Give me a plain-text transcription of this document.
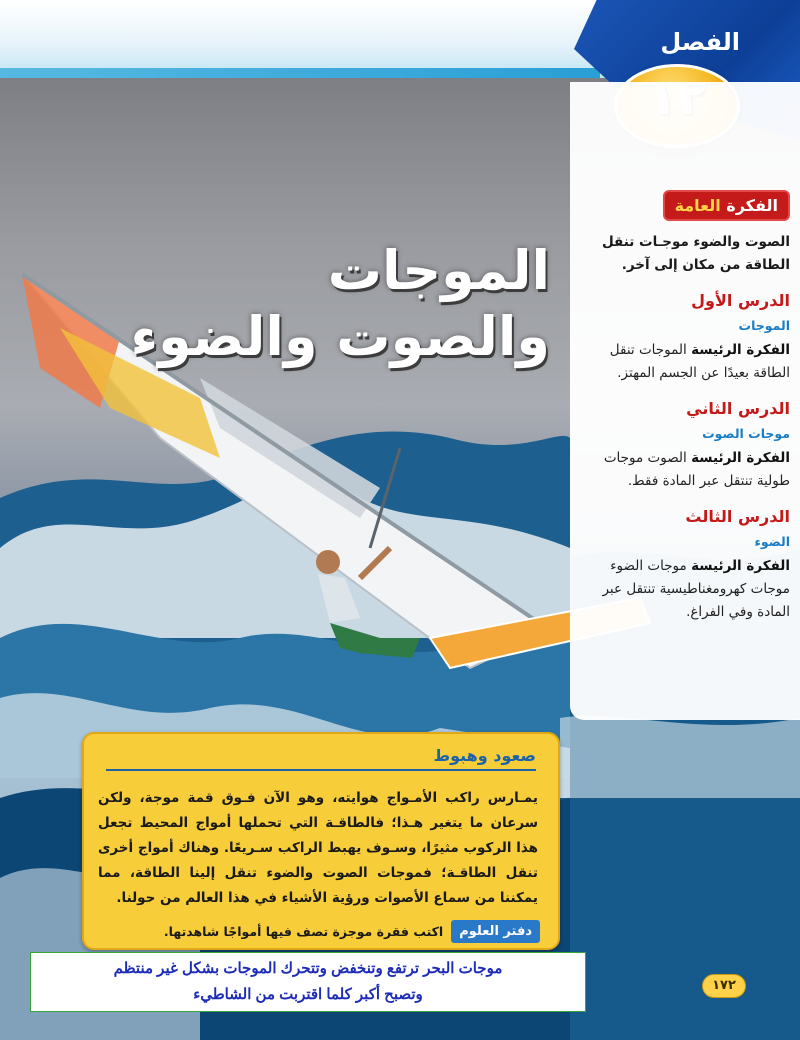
الموجات
والصوت والضوء
الفصل
الفكرة العامة
الصوت والضوء موجـات تنقل الطاقة من مكان إلى آخر.
الدرس الأول
الموجات
الفكرة الرئيسة الموجات تنقل الطاقة بعيدًا عن الجسم المهتز.
الدرس الثاني
موجات الصوت
الفكرة الرئيسة الصوت موجات طولية تنتقل عبر المادة فقط.
الدرس الثالث
الضوء
الفكرة الرئيسة موجات الضوء موجات كهرومغناطيسية تنتقل عبر المادة وفي الفراغ.
صعود وهبوط
يمـارس راكب الأمـواج هوايته، وهو الآن فـوق قمة موجة، ولكن سرعان ما يتغير هـذا؛ فالطاقـة التي تحملها أمواج المحيط تجعل هذا الركوب مثيرًا، وسـوف يهبط الراكب سـريعًا. وهناك أمواج أخرى تنقل الطاقـة؛ فموجات الصوت والضوء تنقل إلينا الطاقة، مما يمكننا من سماع الأصوات ورؤية الأشياء في هذا العالم من حولنا.
دفتر العلوم
اكتب فقرة موجزة تصف فيها أمواجًا شاهدتها.
موجات البحر ترتفع وتنخفض وتتحرك الموجات بشكل غير منتظم
وتصبح أكبر كلما اقتربت من الشاطيء
١٧٢
